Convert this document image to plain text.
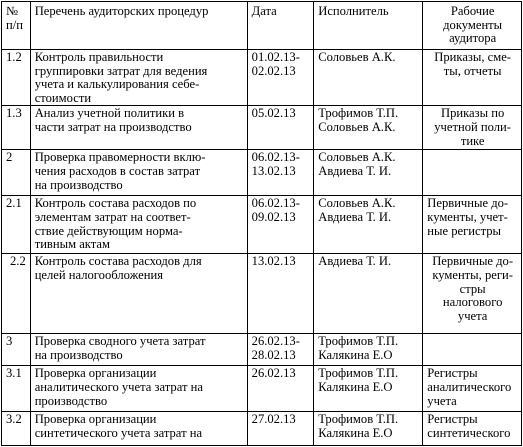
№ п/п	Перечень аудиторских процедур	Дата	Исполнитель	Рабочие документы аудитора
1.2	Контроль правильности
группировки затрат для ведения
учета и калькулирования себе-
стоимости	01.02.13-
02.02.13	Соловьев А.К.	Приказы, сме-
ты, отчеты

1.3	Анализ учетной политики в
части затрат на производство	05.02.13	Трофимов Т.П.
Соловьев А.К.	Приказы по
учетной поли-
тике

2	Проверка правомерности вклю-
чения расходов в состав затрат
на производство	06.02.13-
13.02.13	Соловьев А.К.
Авдиева Т. И.	

2.1	Контроль состава расходов по
элементам затрат на соответ-
ствие действующим норма-
тивным актам	06.02.13-
09.02.13	Соловьев А.К.
Авдиева Т. И.	Первичные до-
кументы, учет-
ные регистры

2.2	Контроль состава расходов для
целей налогообложения	13.02.13	Авдиева Т. И.	Первичные до-
кументы, реги-
стры
налогового
учета

3	Проверка сводного учета затрат
на производство	26.02.13-
28.02.13	Трофимов Т.П.
Калякина Е.О	

3.1	Проверка организации
аналитического учета затрат на
производство	26.02.13	Трофимов Т.П.
Калякина Е.О	Регистры
аналитического
учета

3.2	Проверка организации
синтетического учета затрат на	27.02.13	Трофимов Т.П.
Калякина Е.О	Регистры
синтетического
